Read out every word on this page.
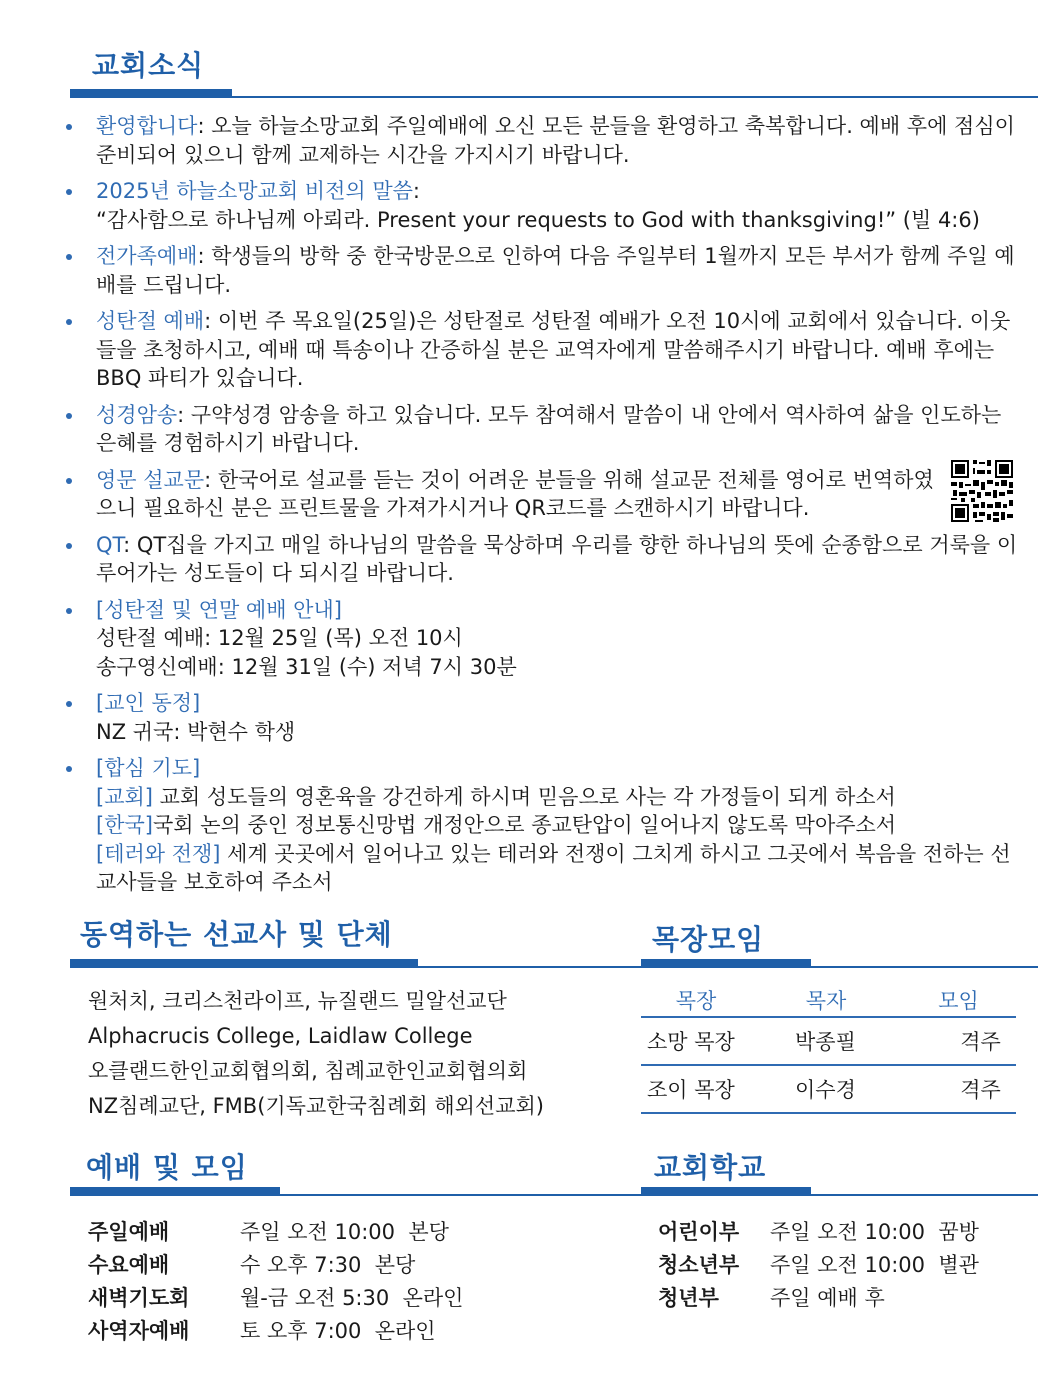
교회소식
환영합니다: 오늘 하늘소망교회 주일예배에 오신 모든 분들을 환영하고 축복합니다. 예배 후에 점심이 준비되어 있으니 함께 교제하는 시간을 가지시기 바랍니다.
2025년 하늘소망교회 비전의 말씀:
“감사함으로 하나님께 아뢰라. Present your requests to God with thanksgiving!” (빌 4:6)
전가족예배: 학생들의 방학 중 한국방문으로 인하여 다음 주일부터 1월까지 모든 부서가 함께 주일 예배를 드립니다.
성탄절 예배: 이번 주 목요일(25일)은 성탄절로 성탄절 예배가 오전 10시에 교회에서 있습니다. 이웃들을 초청하시고, 예배 때 특송이나 간증하실 분은 교역자에게 말씀해주시기 바랍니다. 예배 후에는 BBQ 파티가 있습니다.
성경암송: 구약성경 암송을 하고 있습니다. 모두 참여해서 말씀이 내 안에서 역사하여 삶을 인도하는 은혜를 경험하시기 바랍니다.
영문 설교문: 한국어로 설교를 듣는 것이 어려운 분들을 위해 설교문 전체를 영어로 번역하였으니 필요하신 분은 프린트물을 가져가시거나 QR코드를 스캔하시기 바랍니다.
QT: QT집을 가지고 매일 하나님의 말씀을 묵상하며 우리를 향한 하나님의 뜻에 순종함으로 거룩을 이루어가는 성도들이 다 되시길 바랍니다.
[성탄절 및 연말 예배 안내]
성탄절 예배: 12월 25일 (목) 오전 10시
송구영신예배: 12월 31일 (수) 저녁 7시 30분
[교인 동정]
NZ 귀국: 박현수 학생
[합심 기도]
[교회] 교회 성도들의 영혼육을 강건하게 하시며 믿음으로 사는 각 가정들이 되게 하소서
[한국]국회 논의 중인 정보통신망법 개정안으로 종교탄압이 일어나지 않도록 막아주소서
[테러와 전쟁] 세계 곳곳에서 일어나고 있는 테러와 전쟁이 그치게 하시고 그곳에서 복음을 전하는 선교사들을 보호하여 주소서
동역하는 선교사 및 단체
원처치, 크리스천라이프, 뉴질랜드 밀알선교단
Alphacrucis College, Laidlaw College
오클랜드한인교회협의회, 침례교한인교회협의회
NZ침례교단, FMB(기독교한국침례회 해외선교회)
목장모임
목장	목자	모임
소망 목장	박종필	격주
조이 목장	이수경	격주
예배 및 모임
주일예배	주일 오전 10:00  본당
수요예배	수 오후 7:30  본당
새벽기도회	월-금 오전 5:30  온라인
사역자예배	토 오후 7:00  온라인
교회학교
어린이부	주일 오전 10:00  꿈방
청소년부	주일 오전 10:00  별관
청년부	주일 예배 후
